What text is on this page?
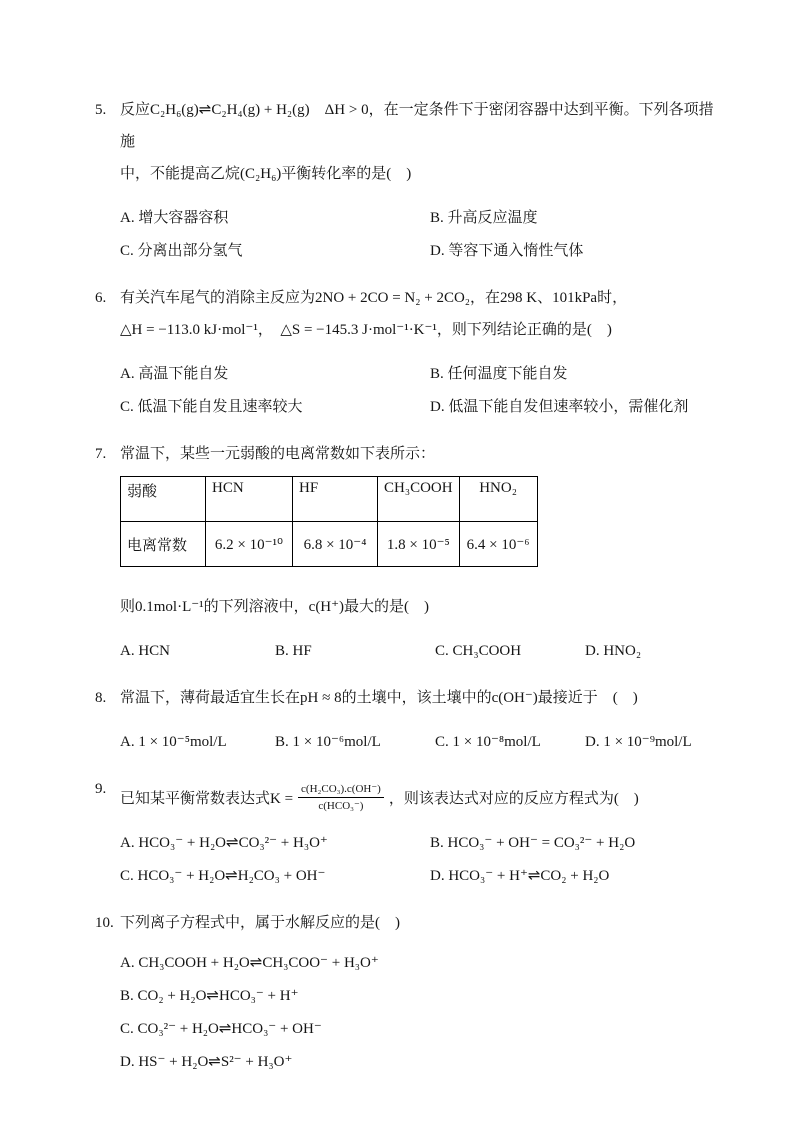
5. 反应C₂H₆(g)⇌C₂H₄(g) + H₂(g)　ΔH > 0，在一定条件下于密闭容器中达到平衡。下列各项措施
中，不能提高乙烷(C₂H₆)平衡转化率的是(　)
A. 增大容器容积	B. 升高反应温度
C. 分离出部分氢气	D. 等容下通入惰性气体
6. 有关汽车尾气的消除主反应为2NO + 2CO = N₂ + 2CO₂，在298 K、101kPa时，
△H = −113.0 kJ·mol⁻¹，　△S = −145.3 J·mol⁻¹·K⁻¹，则下列结论正确的是(　)
A. 高温下能自发	B. 任何温度下能自发
C. 低温下能自发且速率较大	D. 低温下能自发但速率较小，需催化剂
7. 常温下，某些一元弱酸的电离常数如下表所示：
弱酸	HCN	HF	CH₃COOH	HNO₂
电离常数	6.2 × 10⁻¹⁰	6.8 × 10⁻⁴	1.8 × 10⁻⁵	6.4 × 10⁻⁶
则0.1mol·L⁻¹的下列溶液中，c(H⁺)最大的是(　)
A. HCN	B. HF	C. CH₃COOH	D. HNO₂
8. 常温下，薄荷最适宜生长在pH ≈ 8的土壤中，该土壤中的c(OH⁻)最接近于　(　)
A. 1 × 10⁻⁵mol/L	B. 1 × 10⁻⁶mol/L	C. 1 × 10⁻⁸mol/L	D. 1 × 10⁻⁹mol/L
9.
已知某平衡常数表达式$K = \frac{\text{c(H₂CO₃).c(OH⁻)}}{\text{c(HCO₃⁻)}}$ ，则该表达式对应的反应方程式为(　)
A. HCO₃⁻ + H₂O⇌CO₃²⁻ + H₃O⁺	B. HCO₃⁻ + OH⁻ = CO₃²⁻ + H₂O
C. HCO₃⁻ + H₂O⇌H₂CO₃ + OH⁻	D. HCO₃⁻ + H⁺⇌CO₂ + H₂O
10. 下列离子方程式中，属于水解反应的是(　)
A. CH₃COOH + H₂O⇌CH₃COO⁻ + H₃O⁺
B. CO₂ + H₂O⇌HCO₃⁻ + H⁺
C. CO₃²⁻ + H₂O⇌HCO₃⁻ + OH⁻
D. HS⁻ + H₂O⇌S²⁻ + H₃O⁺
